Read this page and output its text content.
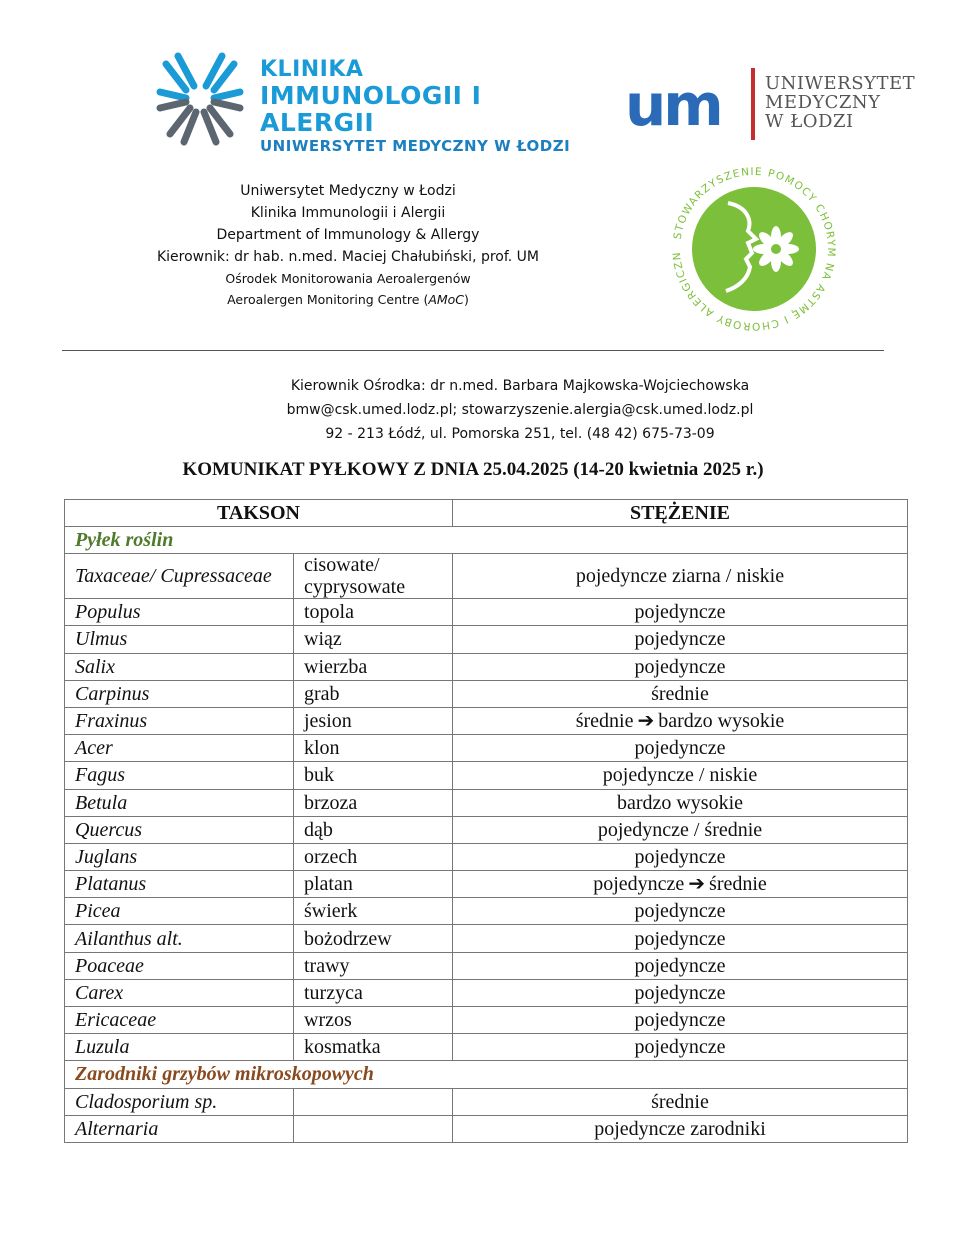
KLINIKA
IMMUNOLOGII I ALERGII
UNIWERSYTET MEDYCZNY W ŁODZI
um UNIWERSYTET
MEDYCZNY
W ŁODZI
Uniwersytet Medyczny w Łodzi
Klinika Immunologii i Alergii
Department of Immunology & Allergy
Kierownik: dr hab. n.med. Maciej Chałubiński, prof. UM
Ośrodek Monitorowania Aeroalergenów
Aeroalergen Monitoring Centre (AMoC)
STOWARZYSZENIE POMOCY CHORYM NA ASTMĘ I CHOROBY ALERGICZN
Kierownik Ośrodka: dr n.med. Barbara Majkowska-Wojciechowska
bmw@csk.umed.lodz.pl; stowarzyszenie.alergia@csk.umed.lodz.pl
92 - 213 Łódź, ul. Pomorska 251, tel. (48 42) 675-73-09
KOMUNIKAT PYŁKOWY Z DNIA 25.04.2025 (14-20 kwietnia 2025 r.)
TAKSON		STĘŻENIE
Pyłek roślin		
Taxaceae/ Cupressaceae	cisowate/ cyprysowate	pojedyncze ziarna / niskie
Populus	topola	pojedyncze
Ulmus	wiąz	pojedyncze
Salix	wierzba	pojedyncze
Carpinus	grab	średnie
Fraxinus	jesion	średnie ➔ bardzo wysokie
Acer	klon	pojedyncze
Fagus	buk	pojedyncze / niskie
Betula	brzoza	bardzo wysokie
Quercus	dąb	pojedyncze / średnie
Juglans	orzech	pojedyncze
Platanus	platan	pojedyncze ➔ średnie
Picea	świerk	pojedyncze
Ailanthus alt.	bożodrzew	pojedyncze
Poaceae	trawy	pojedyncze
Carex	turzyca	pojedyncze
Ericaceae	wrzos	pojedyncze
Luzula	kosmatka	pojedyncze
Zarodniki grzybów mikroskopowych		
Cladosporium sp.		średnie
Alternaria		pojedyncze zarodniki
